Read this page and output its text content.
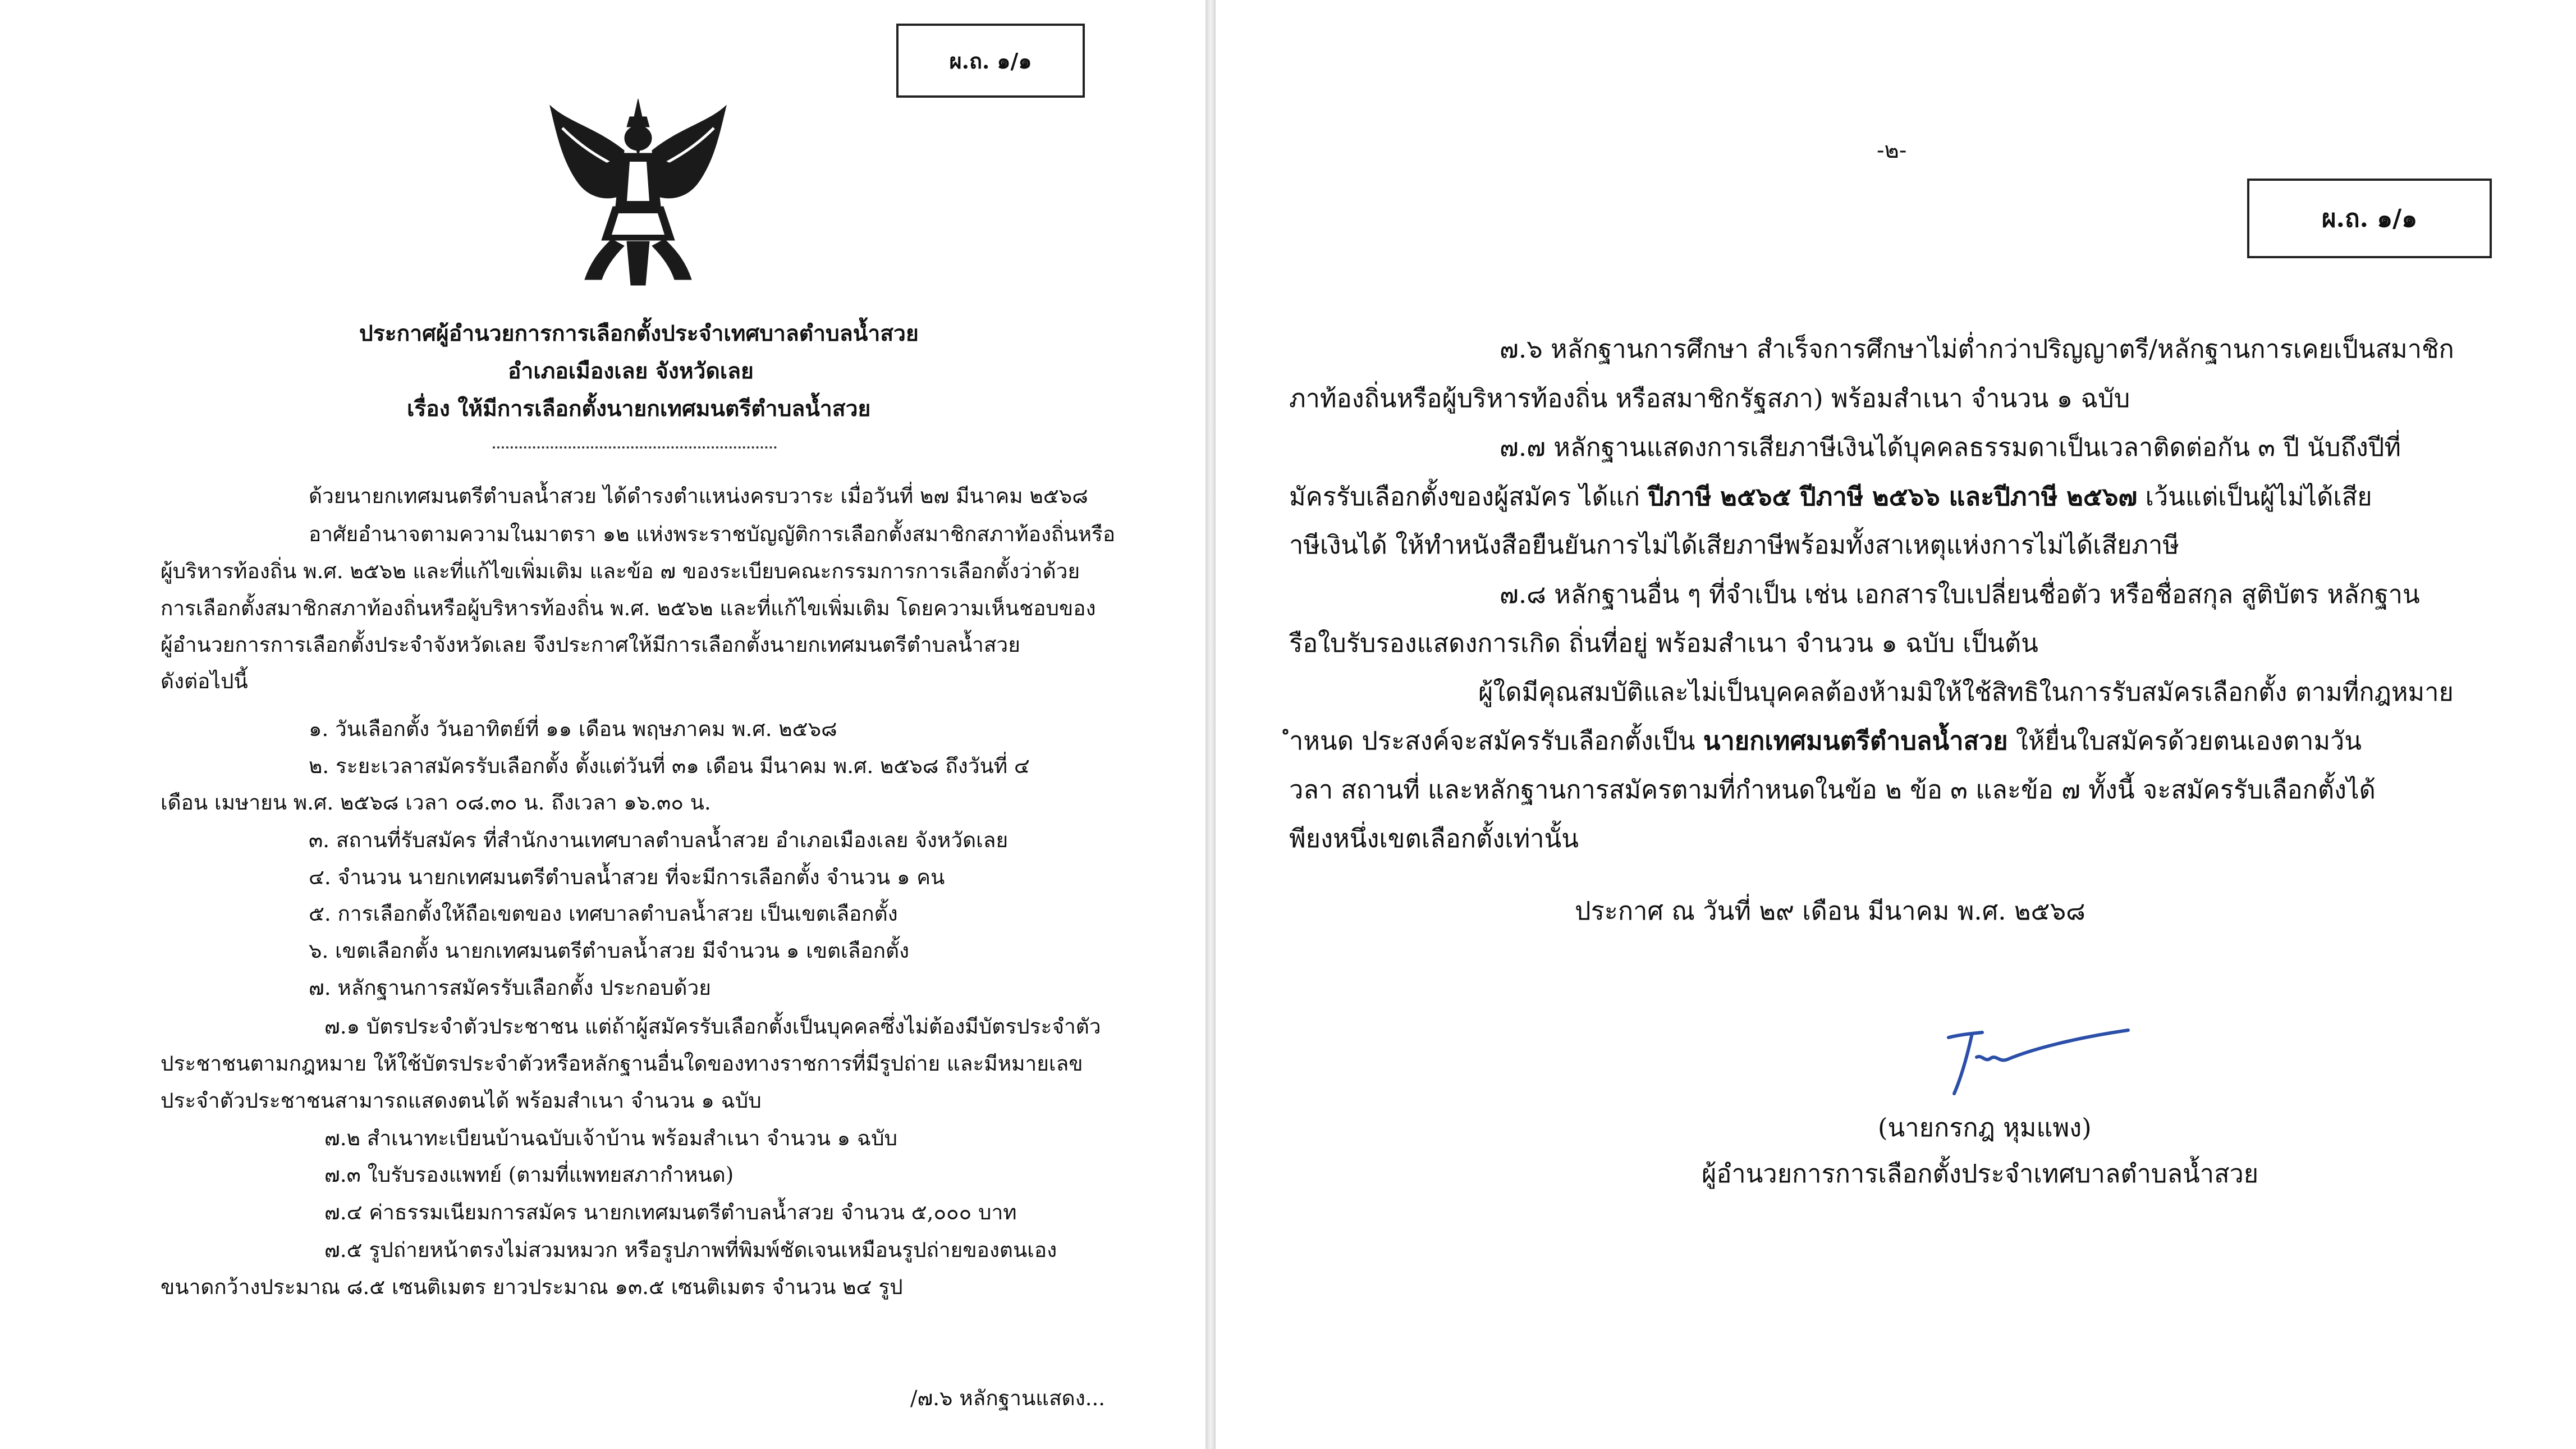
ผ.ถ. ๑/๑
ประกาศผู้อำนวยการการเลือกตั้งประจำเทศบาลตำบลน้ำสวย
อำเภอเมืองเลย จังหวัดเลย
เรื่อง ให้มีการเลือกตั้งนายกเทศมนตรีตำบลน้ำสวย
ด้วยนายกเทศมนตรีตำบลน้ำสวย ได้ดำรงตำแหน่งครบวาระ เมื่อวันที่ ๒๗ มีนาคม ๒๕๖๘
อาศัยอำนาจตามความในมาตรา ๑๒ แห่งพระราชบัญญัติการเลือกตั้งสมาชิกสภาท้องถิ่นหรือ
ผู้บริหารท้องถิ่น พ.ศ. ๒๕๖๒ และที่แก้ไขเพิ่มเติม และข้อ ๗ ของระเบียบคณะกรรมการการเลือกตั้งว่าด้วย
การเลือกตั้งสมาชิกสภาท้องถิ่นหรือผู้บริหารท้องถิ่น พ.ศ. ๒๕๖๒ และที่แก้ไขเพิ่มเติม โดยความเห็นชอบของ
ผู้อำนวยการการเลือกตั้งประจำจังหวัดเลย จึงประกาศให้มีการเลือกตั้งนายกเทศมนตรีตำบลน้ำสวย
ดังต่อไปนี้
๑. วันเลือกตั้ง วันอาทิตย์ที่ ๑๑ เดือน พฤษภาคม พ.ศ. ๒๕๖๘
๒. ระยะเวลาสมัครรับเลือกตั้ง ตั้งแต่วันที่ ๓๑ เดือน มีนาคม พ.ศ. ๒๕๖๘ ถึงวันที่ ๔
เดือน เมษายน พ.ศ. ๒๕๖๘ เวลา ๐๘.๓๐ น. ถึงเวลา ๑๖.๓๐ น.
๓. สถานที่รับสมัคร ที่สำนักงานเทศบาลตำบลน้ำสวย อำเภอเมืองเลย จังหวัดเลย
๔. จำนวน นายกเทศมนตรีตำบลน้ำสวย ที่จะมีการเลือกตั้ง จำนวน ๑ คน
๕. การเลือกตั้งให้ถือเขตของ เทศบาลตำบลน้ำสวย เป็นเขตเลือกตั้ง
๖. เขตเลือกตั้ง นายกเทศมนตรีตำบลน้ำสวย มีจำนวน ๑ เขตเลือกตั้ง
๗. หลักฐานการสมัครรับเลือกตั้ง ประกอบด้วย
๗.๑ บัตรประจำตัวประชาชน แต่ถ้าผู้สมัครรับเลือกตั้งเป็นบุคคลซึ่งไม่ต้องมีบัตรประจำตัว
ประชาชนตามกฎหมาย ให้ใช้บัตรประจำตัวหรือหลักฐานอื่นใดของทางราชการที่มีรูปถ่าย และมีหมายเลข
ประจำตัวประชาชนสามารถแสดงตนได้ พร้อมสำเนา จำนวน ๑ ฉบับ
๗.๒ สำเนาทะเบียนบ้านฉบับเจ้าบ้าน พร้อมสำเนา จำนวน ๑ ฉบับ
๗.๓ ใบรับรองแพทย์ (ตามที่แพทยสภากำหนด)
๗.๔ ค่าธรรมเนียมการสมัคร นายกเทศมนตรีตำบลน้ำสวย จำนวน ๕,๐๐๐ บาท
๗.๕ รูปถ่ายหน้าตรงไม่สวมหมวก หรือรูปภาพที่พิมพ์ชัดเจนเหมือนรูปถ่ายของตนเอง
ขนาดกว้างประมาณ ๘.๕ เซนติเมตร ยาวประมาณ ๑๓.๕ เซนติเมตร จำนวน ๒๔ รูป
/๗.๖ หลักฐานแสดง...
-๒-
ผ.ถ. ๑/๑
๗.๖ หลักฐานการศึกษา สำเร็จการศึกษาไม่ต่ำกว่าปริญญาตรี/หลักฐานการเคยเป็นสมาชิก
ภาท้องถิ่นหรือผู้บริหารท้องถิ่น หรือสมาชิกรัฐสภา) พร้อมสำเนา จำนวน ๑ ฉบับ
๗.๗ หลักฐานแสดงการเสียภาษีเงินได้บุคคลธรรมดาเป็นเวลาติดต่อกัน ๓ ปี นับถึงปีที่
มัครรับเลือกตั้งของผู้สมัคร ได้แก่ ปีภาษี ๒๕๖๕ ปีภาษี ๒๕๖๖ และปีภาษี ๒๕๖๗ เว้นแต่เป็นผู้ไม่ได้เสีย
าษีเงินได้ ให้ทำหนังสือยืนยันการไม่ได้เสียภาษีพร้อมทั้งสาเหตุแห่งการไม่ได้เสียภาษี
๗.๘ หลักฐานอื่น ๆ ที่จำเป็น เช่น เอกสารใบเปลี่ยนชื่อตัว หรือชื่อสกุล สูติบัตร หลักฐาน
รือใบรับรองแสดงการเกิด ถิ่นที่อยู่ พร้อมสำเนา จำนวน ๑ ฉบับ เป็นต้น
ผู้ใดมีคุณสมบัติและไม่เป็นบุคคลต้องห้ามมิให้ใช้สิทธิในการรับสมัครเลือกตั้ง ตามที่กฎหมาย
ำหนด ประสงค์จะสมัครรับเลือกตั้งเป็น นายกเทศมนตรีตำบลน้ำสวย ให้ยื่นใบสมัครด้วยตนเองตามวัน
วลา สถานที่ และหลักฐานการสมัครตามที่กำหนดในข้อ ๒ ข้อ ๓ และข้อ ๗ ทั้งนี้ จะสมัครรับเลือกตั้งได้
พียงหนึ่งเขตเลือกตั้งเท่านั้น
ประกาศ ณ วันที่ ๒๙ เดือน มีนาคม พ.ศ. ๒๕๖๘
(นายกรกฎ หุมแพง)
ผู้อำนวยการการเลือกตั้งประจำเทศบาลตำบลน้ำสวย
